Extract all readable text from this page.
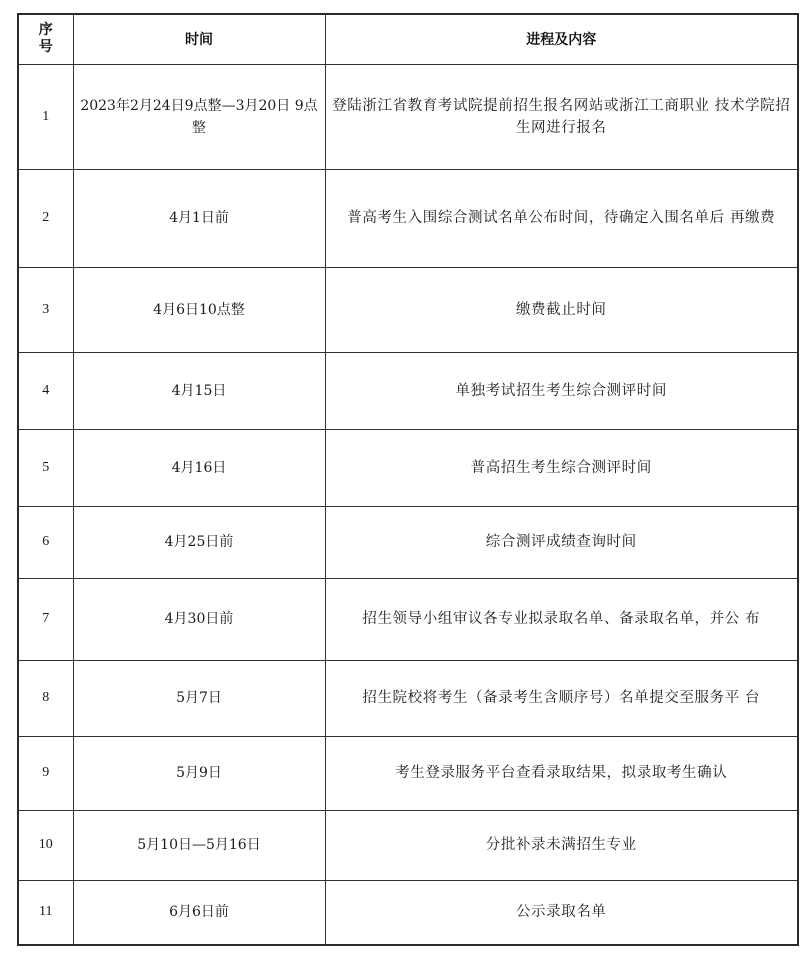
序
号	时间	进程及内容
1	2023年2月24日9点整—3月20日 9点整	登陆浙江省教育考试院提前招生报名网站或浙江工商职业 技术学院招生网进行报名
2	4月1日前	普高考生入围综合测试名单公布时间，待确定入围名单后 再缴费
3	4月6日10点整	缴费截止时间
4	4月15日	单独考试招生考生综合测评时间
5	4月16日	普高招生考生综合测评时间
6	4月25日前	综合测评成绩查询时间
7	4月30日前	招生领导小组审议各专业拟录取名单、备录取名单，并公 布
8	5月7日	招生院校将考生（备录考生含顺序号）名单提交至服务平 台
9	5月9日	考生登录服务平台查看录取结果，拟录取考生确认
10	5月10日—5月16日	分批补录未满招生专业
11	6月6日前	公示录取名单
